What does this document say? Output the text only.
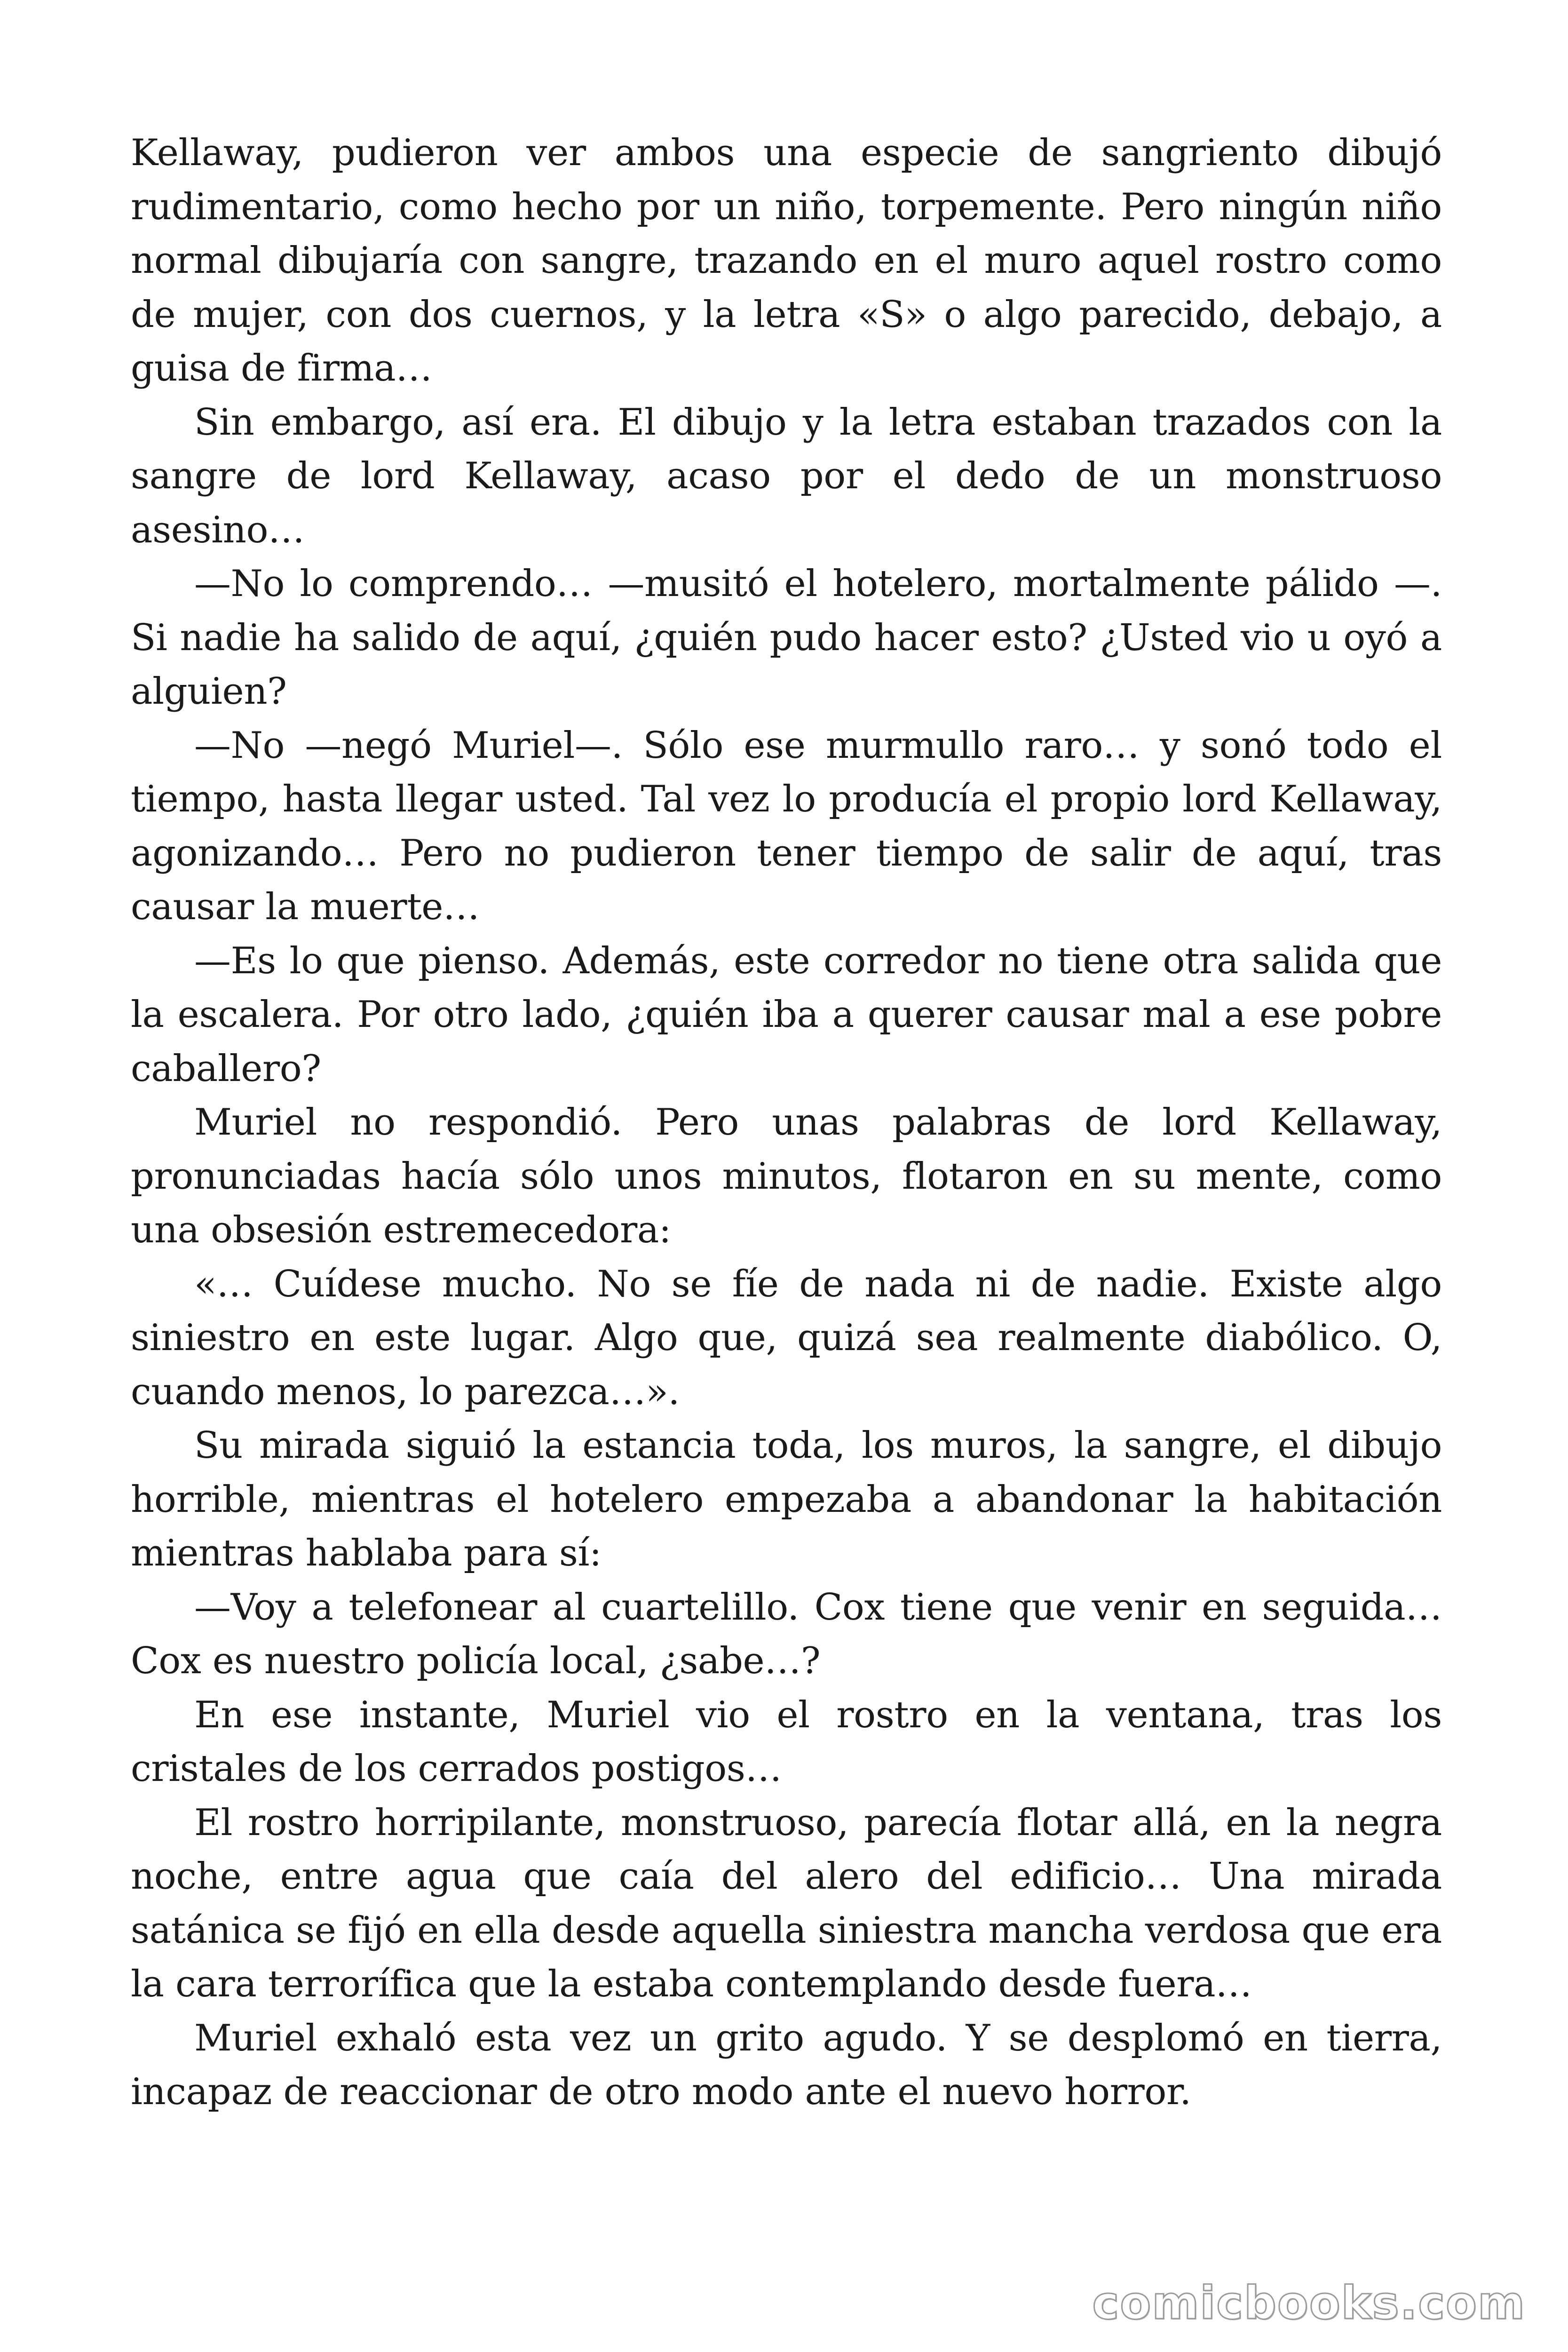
Kellaway, pudieron ver ambos una especie de sangriento dibujó rudimentario, como hecho por un niño, torpemente. Pero ningún niño normal dibujaría con sangre, trazando en el muro aquel rostro como de mujer, con dos cuernos, y la letra «S» o algo parecido, debajo, a guisa de firma…

Sin embargo, así era. El dibujo y la letra estaban trazados con la sangre de lord Kellaway, acaso por el dedo de un monstruoso asesino…

—No lo comprendo… —musitó el hotelero, mortalmente pálido —. Si nadie ha salido de aquí, ¿quién pudo hacer esto? ¿Usted vio u oyó a alguien?

—No —negó Muriel—. Sólo ese murmullo raro… y sonó todo el tiempo, hasta llegar usted. Tal vez lo producía el propio lord Kellaway, agonizando… Pero no pudieron tener tiempo de salir de aquí, tras causar la muerte…

—Es lo que pienso. Además, este corredor no tiene otra salida que la escalera. Por otro lado, ¿quién iba a querer causar mal a ese pobre caballero?

Muriel no respondió. Pero unas palabras de lord Kellaway, pronunciadas hacía sólo unos minutos, flotaron en su mente, como una obsesión estremecedora:

«… Cuídese mucho. No se fíe de nada ni de nadie. Existe algo siniestro en este lugar. Algo que, quizá sea realmente diabólico. O, cuando menos, lo parezca…».

Su mirada siguió la estancia toda, los muros, la sangre, el dibujo horrible, mientras el hotelero empezaba a abandonar la habitación mientras hablaba para sí:

—Voy a telefonear al cuartelillo. Cox tiene que venir en seguida… Cox es nuestro policía local, ¿sabe…?

En ese instante, Muriel vio el rostro en la ventana, tras los cristales de los cerrados postigos…

El rostro horripilante, monstruoso, parecía flotar allá, en la negra noche, entre agua que caía del alero del edificio… Una mirada satánica se fijó en ella desde aquella siniestra mancha verdosa que era la cara terrorífica que la estaba contemplando desde fuera…

Muriel exhaló esta vez un grito agudo. Y se desplomó en tierra, incapaz de reaccionar de otro modo ante el nuevo horror.

comicbooks.com
